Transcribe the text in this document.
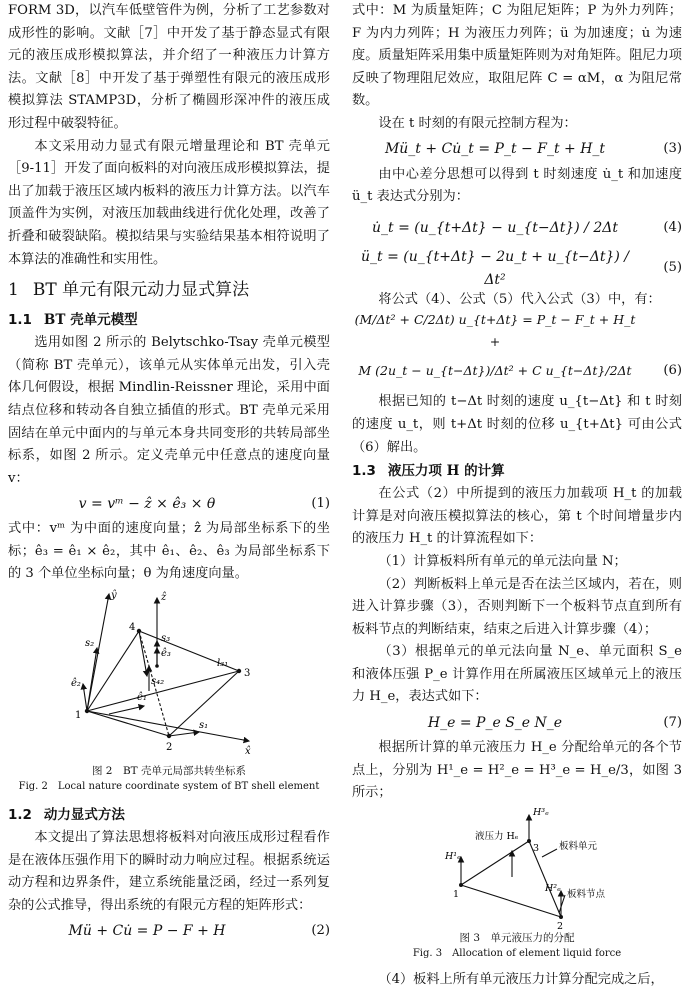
FORM 3D，以汽车低壁管件为例，分析了工艺参数对成形性的影响。文献［7］中开发了基于静态显式有限元的液压成形模拟算法，并介绍了一种液压力计算方法。文献［8］中开发了基于弹塑性有限元的液压成形模拟算法 STAMP3D，分析了椭圆形深冲件的液压成形过程中破裂特征。

本文采用动力显式有限元增量理论和 BT 壳单元［9-11］开发了面向板料的对向液压成形模拟算法，提出了加载于液压区域内板料的液压力计算方法。以汽车顶盖件为实例，对液压加载曲线进行优化处理，改善了折叠和破裂缺陷。模拟结果与实验结果基本相符说明了本算法的准确性和实用性。

1 BT 单元有限元动力显式算法
1.1 BT 壳单元模型

选用如图 2 所示的 Belytschko-Tsay 壳单元模型（简称 BT 壳单元），该单元从实体单元出发，引入壳体几何假设，根据 Mindlin-Reissner 理论，采用中面结点位移和转动各自独立插值的形式。BT 壳单元采用固结在单元中面内的与单元本身共同变形的共转局部坐标系，如图 2 所示。定义壳单元中任意点的速度向量 v：

v = vᵐ − ẑ × ê₃ × θ	(1)

式中：vᵐ 为中面的速度向量；ẑ 为局部坐标系下的坐标；ê₃ = ê₁ × ê₂，其中 ê₁、ê₂、ê₃ 为局部坐标系下的 3 个单位坐标向量；θ 为角速度向量。

ŷ	ẑ
x̂
s₂	s₃
s₄₂
s₁
ê₂
ê₃
ê₁
l₃₁
1
2
3
4
图 2　BT 壳单元局部共转坐标系
Fig. 2　Local nature coordinate system of BT shell element
1.2 动力显式方法

本文提出了算法思想将板料对向液压成形过程看作是在液体压强作用下的瞬时动力响应过程。根据系统运动方程和边界条件，建立系统能量泛函，经过一系列复杂的公式推导，得出系统的有限元方程的矩阵形式：

Mü + Cu̇ = P − F + H	(2)

式中：M 为质量矩阵；C 为阻尼矩阵；P 为外力列阵；F 为内力列阵；H 为液压力列阵；ü 为加速度；u̇ 为速度。质量矩阵采用集中质量矩阵则为对角矩阵。阻尼力项反映了物理阻尼效应，取阻尼阵 C = αM，α 为阻尼常数。

设在 t 时刻的有限元控制方程为：

Mü_t + Cu̇_t = P_t − F_t + H_t	(3)

由中心差分思想可以得到 t 时刻速度 u̇_t 和加速度 ü_t 表达式分别为：

u̇_t = (u_{t+Δt} − u_{t−Δt}) / 2Δt	(4)
ü_t = (u_{t+Δt} − 2u_t + u_{t−Δt}) / Δt²
(5)

将公式（4）、公式（5）代入公式（3）中，有：

(M/Δt² + C/2Δt) u_{t+Δt} = P_t − F_t + H_t +
M (2u_t − u_{t−Δt})/Δt² + C u_{t−Δt}/2Δt	(6)

根据已知的 t−Δt 时刻的速度 u_{t−Δt} 和 t 时刻的速度 u_t，则 t+Δt 时刻的位移 u_{t+Δt} 可由公式（6）解出。

1.3 液压力项 H 的计算

在公式（2）中所提到的液压力加载项 H_t 的加载计算是对向液压模拟算法的核心，第 t 个时间增量步内的液压力 H_t 的计算流程如下：

（1）计算板料所有单元的单元法向量 N；

（2）判断板料上单元是否在法兰区域内，若在，则进入计算步骤（3），否则判断下一个板料节点直到所有板料节点的判断结束，结束之后进入计算步骤（4）；

（3）根据单元的单元法向量 N_e、单元面积 S_e 和液体压强 P_e 计算作用在所属液压区域单元上的液压力 H_e，表达式如下：

H_e = P_e S_e N_e	(7)

根据所计算的单元液压力 H_e 分配给单元的各个节点上，分别为 H¹_e = H²_e = H³_e = H_e/3，如图 3 所示；

液压力 Hₑ
板料单元
板料节点
H¹ₑ
H³ₑ
H²ₑ
1
2
3
图 3　单元液压力的分配
Fig. 3　Allocation of element liquid force

（4）板料上所有单元液压力计算分配完成之后，
